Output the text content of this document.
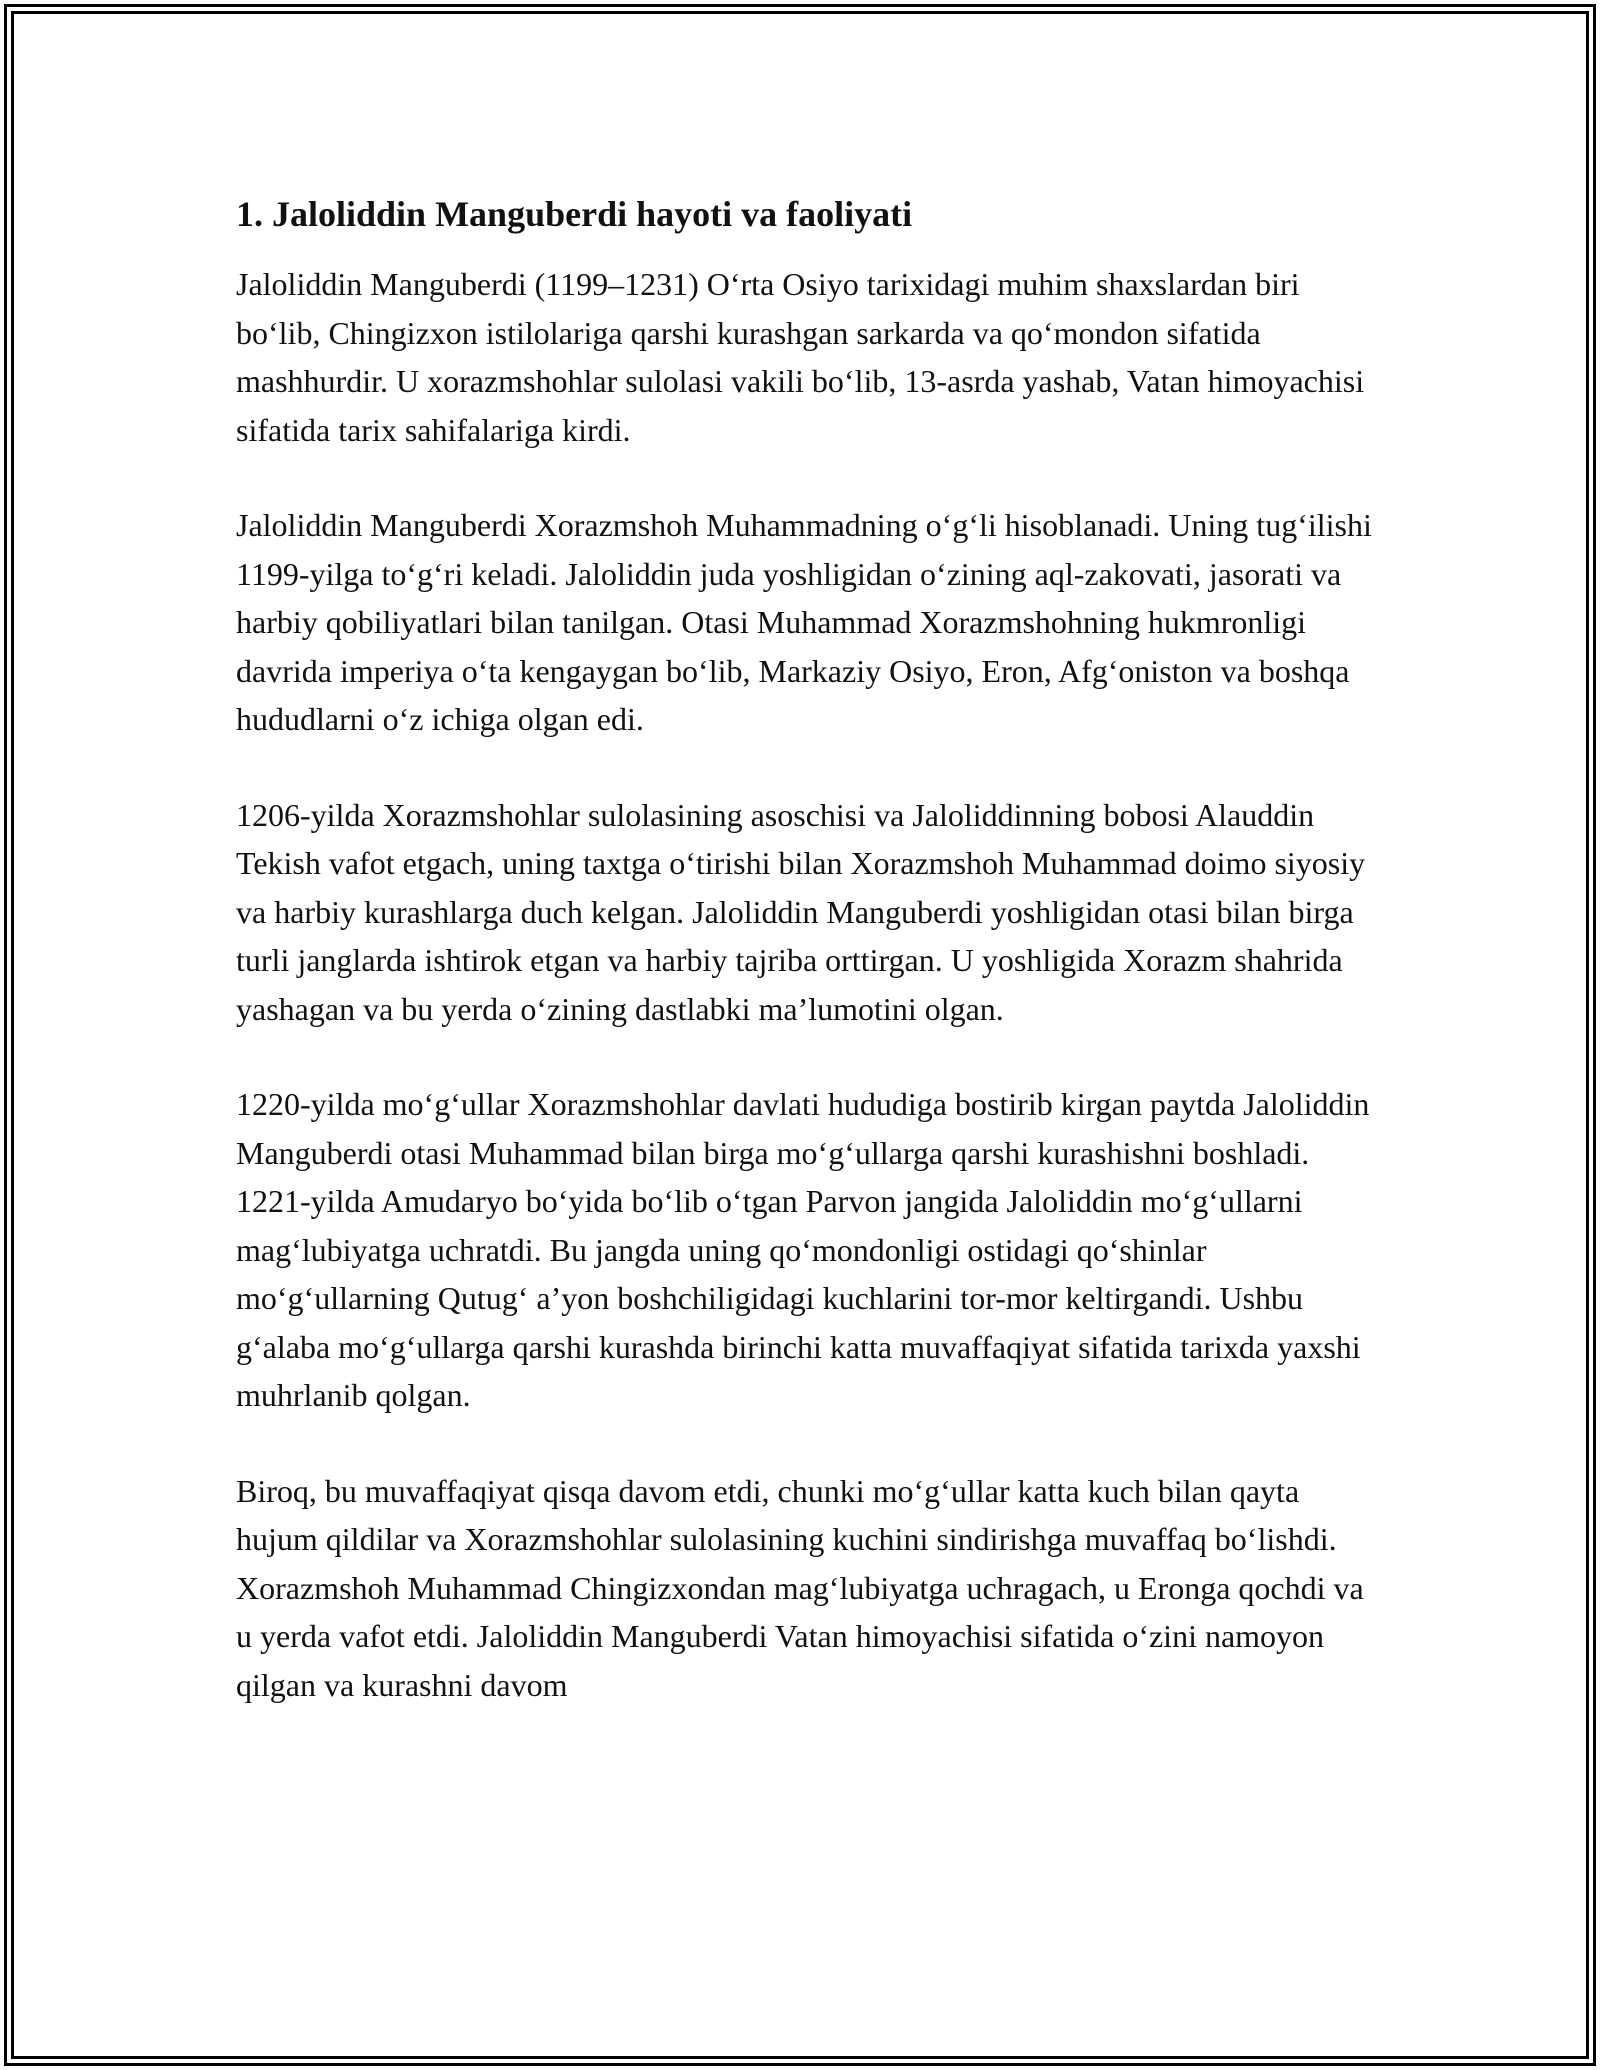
1. Jaloliddin Manguberdi hayoti va faoliyati

Jaloliddin Manguberdi (1199–1231) O‘rta Osiyo tarixidagi muhim shaxslardan biri bo‘lib, Chingizxon istilolariga qarshi kurashgan sarkarda va qo‘mondon sifatida mashhurdir. U xorazmshohlar sulolasi vakili bo‘lib, 13-asrda yashab, Vatan himoyachisi sifatida tarix sahifalariga kirdi.

Jaloliddin Manguberdi Xorazmshoh Muhammadning o‘g‘li hisoblanadi. Uning tug‘ilishi 1199-yilga to‘g‘ri keladi. Jaloliddin juda yoshligidan o‘zining aql-zakovati, jasorati va harbiy qobiliyatlari bilan tanilgan. Otasi Muhammad Xorazmshohning hukmronligi davrida imperiya o‘ta kengaygan bo‘lib, Markaziy Osiyo, Eron, Afg‘oniston va boshqa hududlarni o‘z ichiga olgan edi.

1206-yilda Xorazmshohlar sulolasining asoschisi va Jaloliddinning bobosi Alauddin Tekish vafot etgach, uning taxtga o‘tirishi bilan Xorazmshoh Muhammad doimo siyosiy va harbiy kurashlarga duch kelgan. Jaloliddin Manguberdi yoshligidan otasi bilan birga turli janglarda ishtirok etgan va harbiy tajriba orttirgan. U yoshligida Xorazm shahrida yashagan va bu yerda o‘zining dastlabki ma’lumotini olgan.

1220-yilda mo‘g‘ullar Xorazmshohlar davlati hududiga bostirib kirgan paytda Jaloliddin Manguberdi otasi Muhammad bilan birga mo‘g‘ullarga qarshi kurashishni boshladi. 1221-yilda Amudaryo bo‘yida bo‘lib o‘tgan Parvon jangida Jaloliddin mo‘g‘ullarni mag‘lubiyatga uchratdi. Bu jangda uning qo‘mondonligi ostidagi qo‘shinlar mo‘g‘ullarning Qutug‘ a’yon boshchiligidagi kuchlarini tor-mor keltirgandi. Ushbu g‘alaba mo‘g‘ullarga qarshi kurashda birinchi katta muvaffaqiyat sifatida tarixda yaxshi muhrlanib qolgan.

Biroq, bu muvaffaqiyat qisqa davom etdi, chunki mo‘g‘ullar katta kuch bilan qayta hujum qildilar va Xorazmshohlar sulolasining kuchini sindirishga muvaffaq bo‘lishdi. Xorazmshoh Muhammad Chingizxondan mag‘lubiyatga uchragach, u Eronga qochdi va u yerda vafot etdi. Jaloliddin Manguberdi Vatan himoyachisi sifatida o‘zini namoyon qilgan va kurashni davom
